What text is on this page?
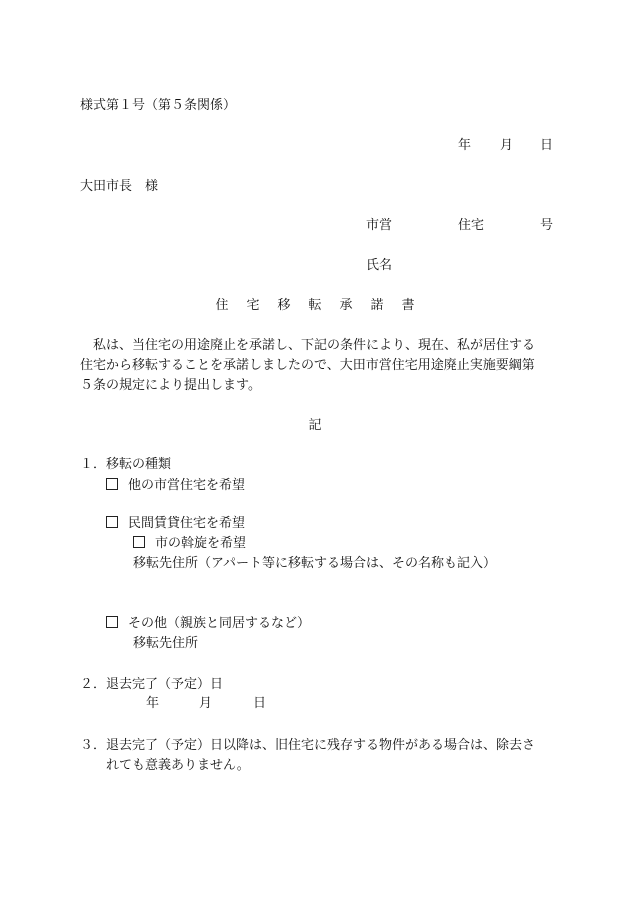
様式第１号（第５条関係）
年 月 日
大田市長　様
市営	住宅	号
氏名
住 宅 移 転 承 諾 書
　私は、当住宅の用途廃止を承諾し、下記の条件により、現在、私が居住する
住宅から移転することを承諾しましたので、大田市営住宅用途廃止実施要綱第
５条の規定により提出します。
記
１．移転の種類
他の市営住宅を希望
民間賃貸住宅を希望
市の斡旋を希望
移転先住所（アパート等に移転する場合は、その名称も記入）
その他（親族と同居するなど）
移転先住所
２．退去完了（予定）日
年	月	日
３．退去完了（予定）日以降は、旧住宅に残存する物件がある場合は、除去さ
れても意義ありません。
